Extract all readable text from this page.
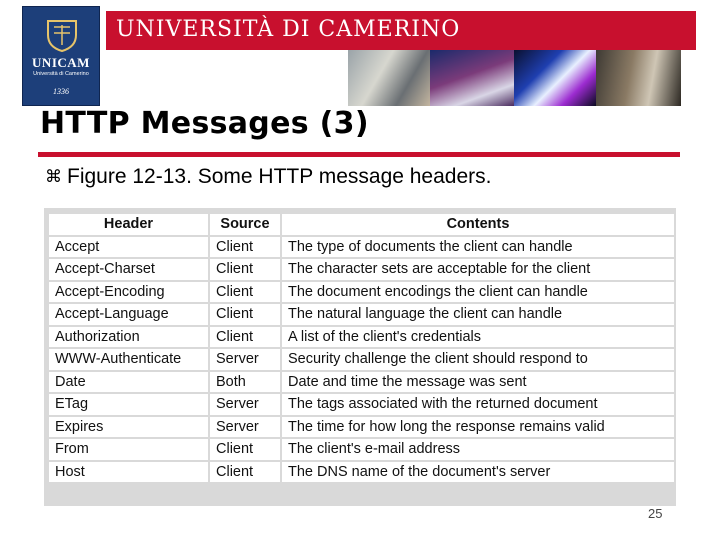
UNICAM
Università di Camerino
1336
UNIVERSITÀ DI CAMERINO
HTTP Messages (3)
⌘ Figure 12-13. Some HTTP message headers.
Header	Source	Contents
Accept	Client	The type of documents the client can handle
Accept-Charset	Client	The character sets are acceptable for the client
Accept-Encoding	Client	The document encodings the client can handle
Accept-Language	Client	The natural language the client can handle
Authorization	Client	A list of the client's credentials
WWW-Authenticate	Server	Security challenge the client should respond to
Date	Both	Date and time the message was sent
ETag	Server	The tags associated with the returned document
Expires	Server	The time for how long the response remains valid
From	Client	The client's e-mail address
Host	Client	The DNS name of the document's server
25
